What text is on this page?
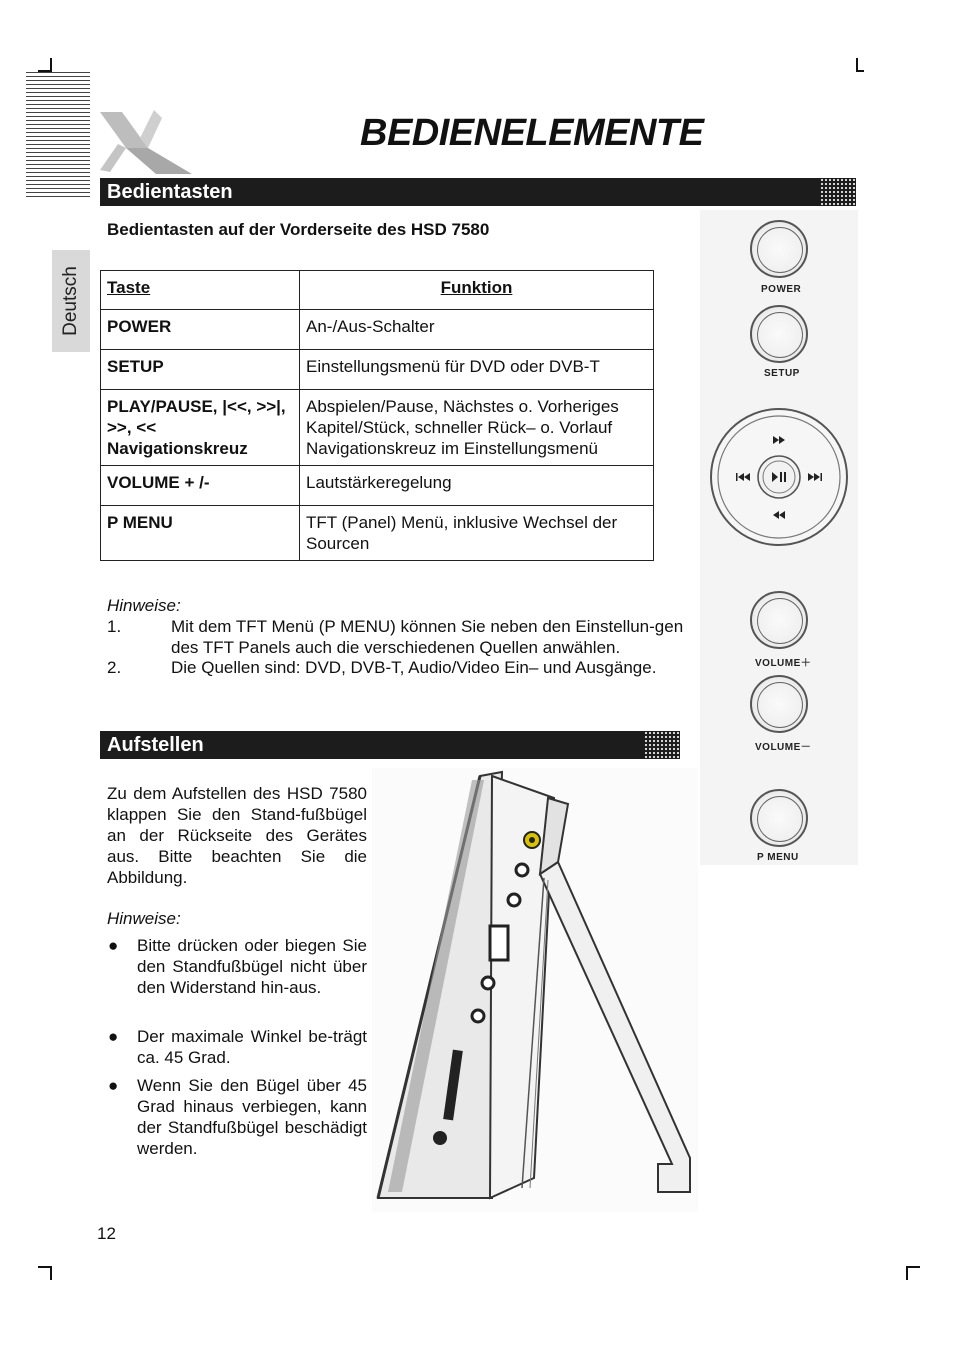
BEDIENELEMENTE
Bedientasten
Deutsch
Bedientasten auf der Vorderseite des HSD 7580
Taste	Funktion
POWER	An-/Aus-Schalter
SETUP	Einstellungsmenü für DVD oder DVB-T
PLAY/PAUSE, |<<, >>|, >>, << Navigationskreuz	Abspielen/Pause, Nächstes o. Vorheriges Kapitel/Stück, schneller Rück– o. Vorlauf Navigationskreuz im Einstellungsmenü
VOLUME + /-	Lautstärkeregelung
P MENU	TFT (Panel) Menü, inklusive Wechsel der Sourcen
Hinweise:
1.	Mit dem TFT Menü (P MENU) können Sie neben den Einstellun-gen des TFT Panels auch die verschiedenen Quellen anwählen.
2.	Die Quellen sind: DVD, DVB-T, Audio/Video Ein– und Ausgänge.
POWER
SETUP
VOLUME＋
VOLUME－
P MENU
Aufstellen
Zu dem Aufstellen des HSD 7580 klappen Sie den Stand-fußbügel an der Rückseite des Gerätes aus. Bitte beachten Sie die Abbildung.
Hinweise:
● Bitte drücken oder biegen Sie den Standfußbügel nicht über den Widerstand hin-aus.
● Der maximale Winkel be-trägt ca. 45 Grad.
● Wenn Sie den Bügel über 45 Grad hinaus verbiegen, kann der Standfußbügel beschädigt werden.
12
